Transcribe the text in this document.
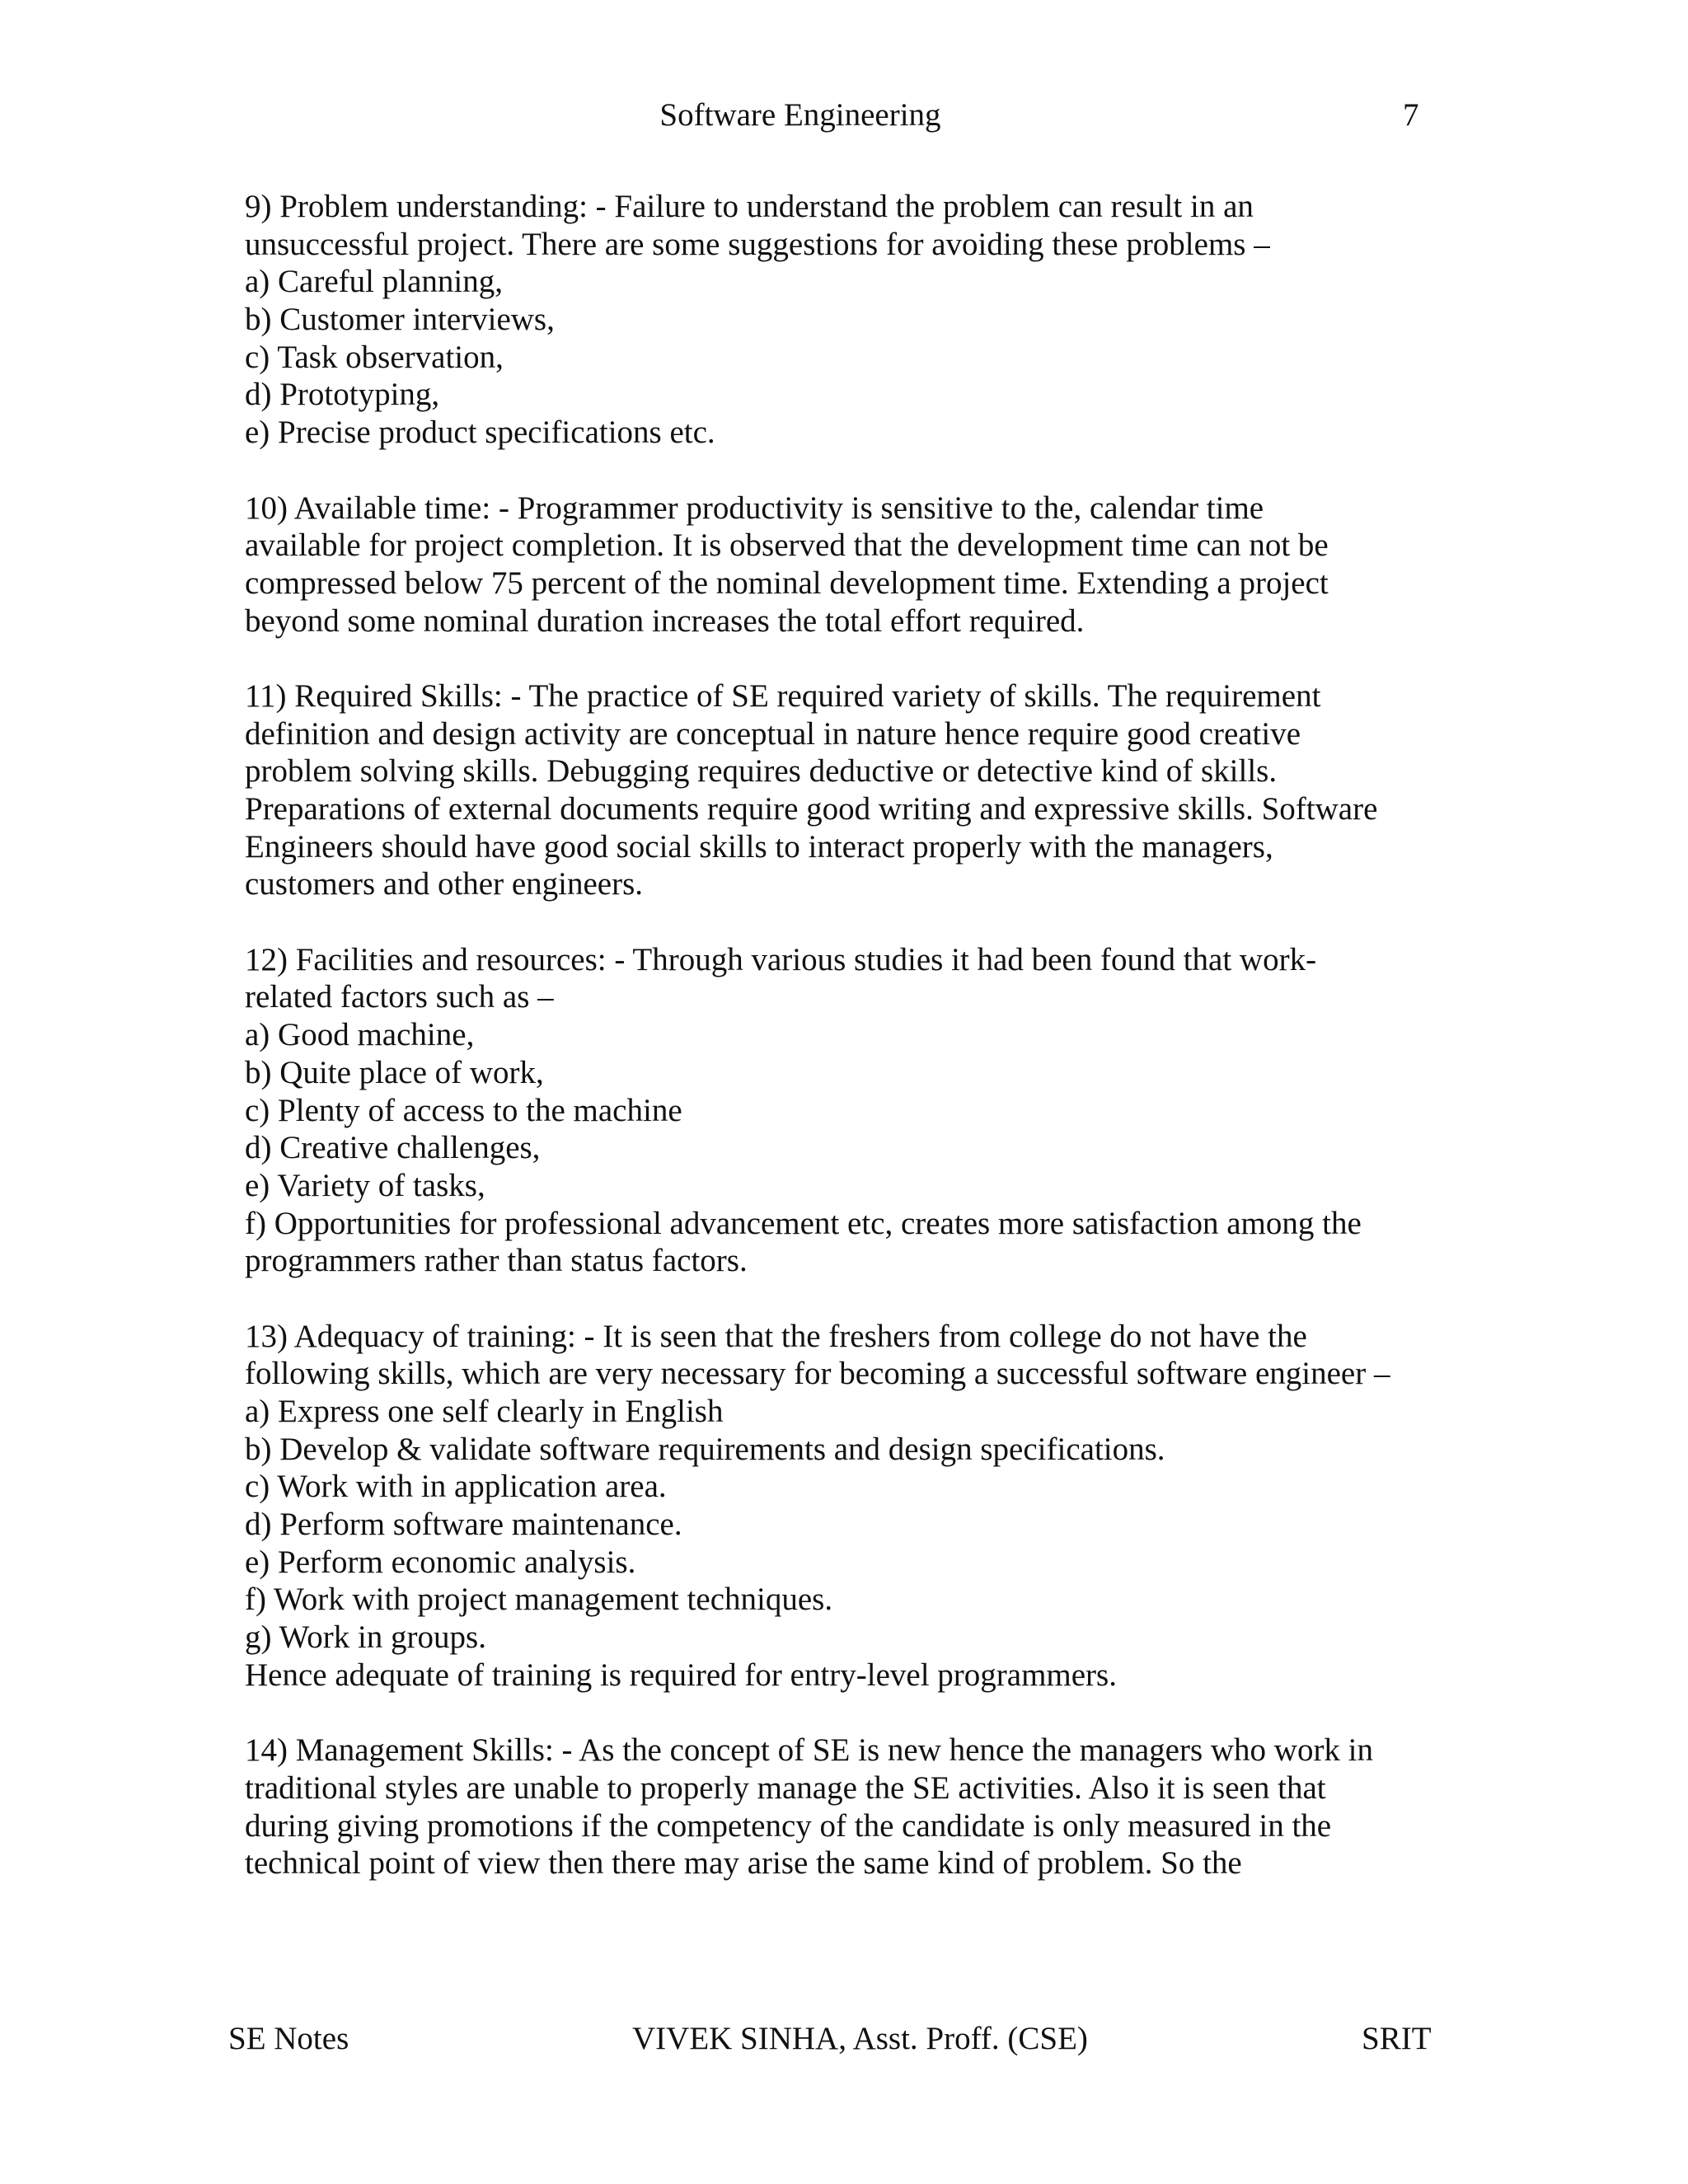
Software Engineering	7
9) Problem understanding: - Failure to understand the problem can result in an
unsuccessful project. There are some suggestions for avoiding these problems –
a) Careful planning,
b) Customer interviews,
c) Task observation,
d) Prototyping,
e) Precise product specifications etc.
10) Available time: - Programmer productivity is sensitive to the, calendar time
available for project completion. It is observed that the development time can not be
compressed below 75 percent of the nominal development time. Extending a project
beyond some nominal duration increases the total effort required.
11) Required Skills: - The practice of SE required variety of skills. The requirement
definition and design activity are conceptual in nature hence require good creative
problem solving skills. Debugging requires deductive or detective kind of skills.
Preparations of external documents require good writing and expressive skills. Software
Engineers should have good social skills to interact properly with the managers,
customers and other engineers.
12) Facilities and resources: - Through various studies it had been found that work-
related factors such as –
a) Good machine,
b) Quite place of work,
c) Plenty of access to the machine
d) Creative challenges,
e) Variety of tasks,
f) Opportunities for professional advancement etc, creates more satisfaction among the
programmers rather than status factors.
13) Adequacy of training: - It is seen that the freshers from college do not have the
following skills, which are very necessary for becoming a successful software engineer –
a) Express one self clearly in English
b) Develop & validate software requirements and design specifications.
c) Work with in application area.
d) Perform software maintenance.
e) Perform economic analysis.
f) Work with project management techniques.
g) Work in groups.
Hence adequate of training is required for entry-level programmers.
14) Management Skills: - As the concept of SE is new hence the managers who work in
traditional styles are unable to properly manage the SE activities. Also it is seen that
during giving promotions if the competency of the candidate is only measured in the
technical point of view then there may arise the same kind of problem. So the
SE Notes	VIVEK SINHA, Asst. Proff. (CSE)	SRIT
